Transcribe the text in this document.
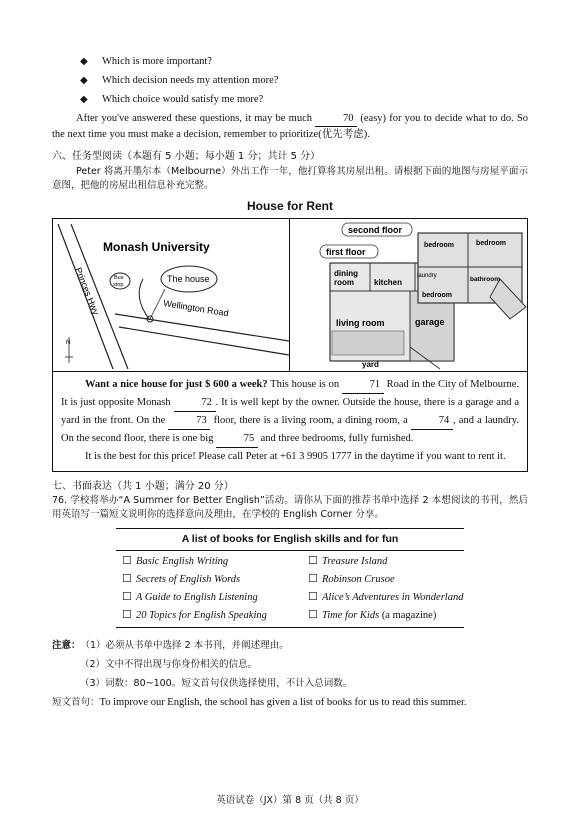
◆	Which is more important?
◆	Which decision needs my attention more?
◆	Which choice would satisfy me more?

After you've answered these questions, it may be much	70 (easy) for you to decide what to do. So the next time you must make a decision, remember to prioritize(优先考虑).

六、任务型阅读（本题有 5 小题；每小题 1 分；共计 5 分）

Peter 将离开墨尔本（Melbourne）外出工作一年，他打算将其房屋出租。请根据下面的地图与房屋平面示意图，把他的房屋出租信息补充完整。

House for Rent
Monash University
Bus
stop
The house
Princes Hwy	Wellington Road
N
second floor
first floor
dining
room	kitchen
laundry
living room	garage
yard
bedroom	bedroom
bedroom
bathroom

Want a nice house for just $ 600 a week? This house is on	71 Road in the City of Melbourne. It is just opposite Monash	72 . It is well kept by the owner. Outside the house, there is a garage and a yard in the front. On the	73 floor, there is a living room, a dining room, a	74 , and a laundry. On the second floor, there is one big	75 and three bedrooms, fully furnished.

It is the best for this price! Please call Peter at +61 3 9905 1777 in the daytime if you want to rent it.

七、书面表达（共 1 小题；满分 20 分）

76. 学校将举办“A Summer for Better English”活动。请你从下面的推荐书单中选择 2 本想阅读的书刊，然后用英语写一篇短文说明你的选择意向及理由，在学校的 English Corner 分享。

A list of books for English skills and for fun
☐ Basic English Writing	☐ Treasure Island
☐ Secrets of English Words	☐ Robinson Crusoe
☐ A Guide to English Listening	☐ Alice’s Adventures in Wonderland
☐ 20 Topics for English Speaking	☐ Time for Kids
(a magazine)
注意： （1）必须从书单中选择 2 本书刊，并阐述理由。
（2）文中不得出现与你身份相关的信息。
（3）词数：80~100。短文首句仅供选择使用，不计入总词数。
短文首句： To improve our English, the school has given a list of books for us to read this summer.
英语试卷（JX）第 8 页（共 8 页）
